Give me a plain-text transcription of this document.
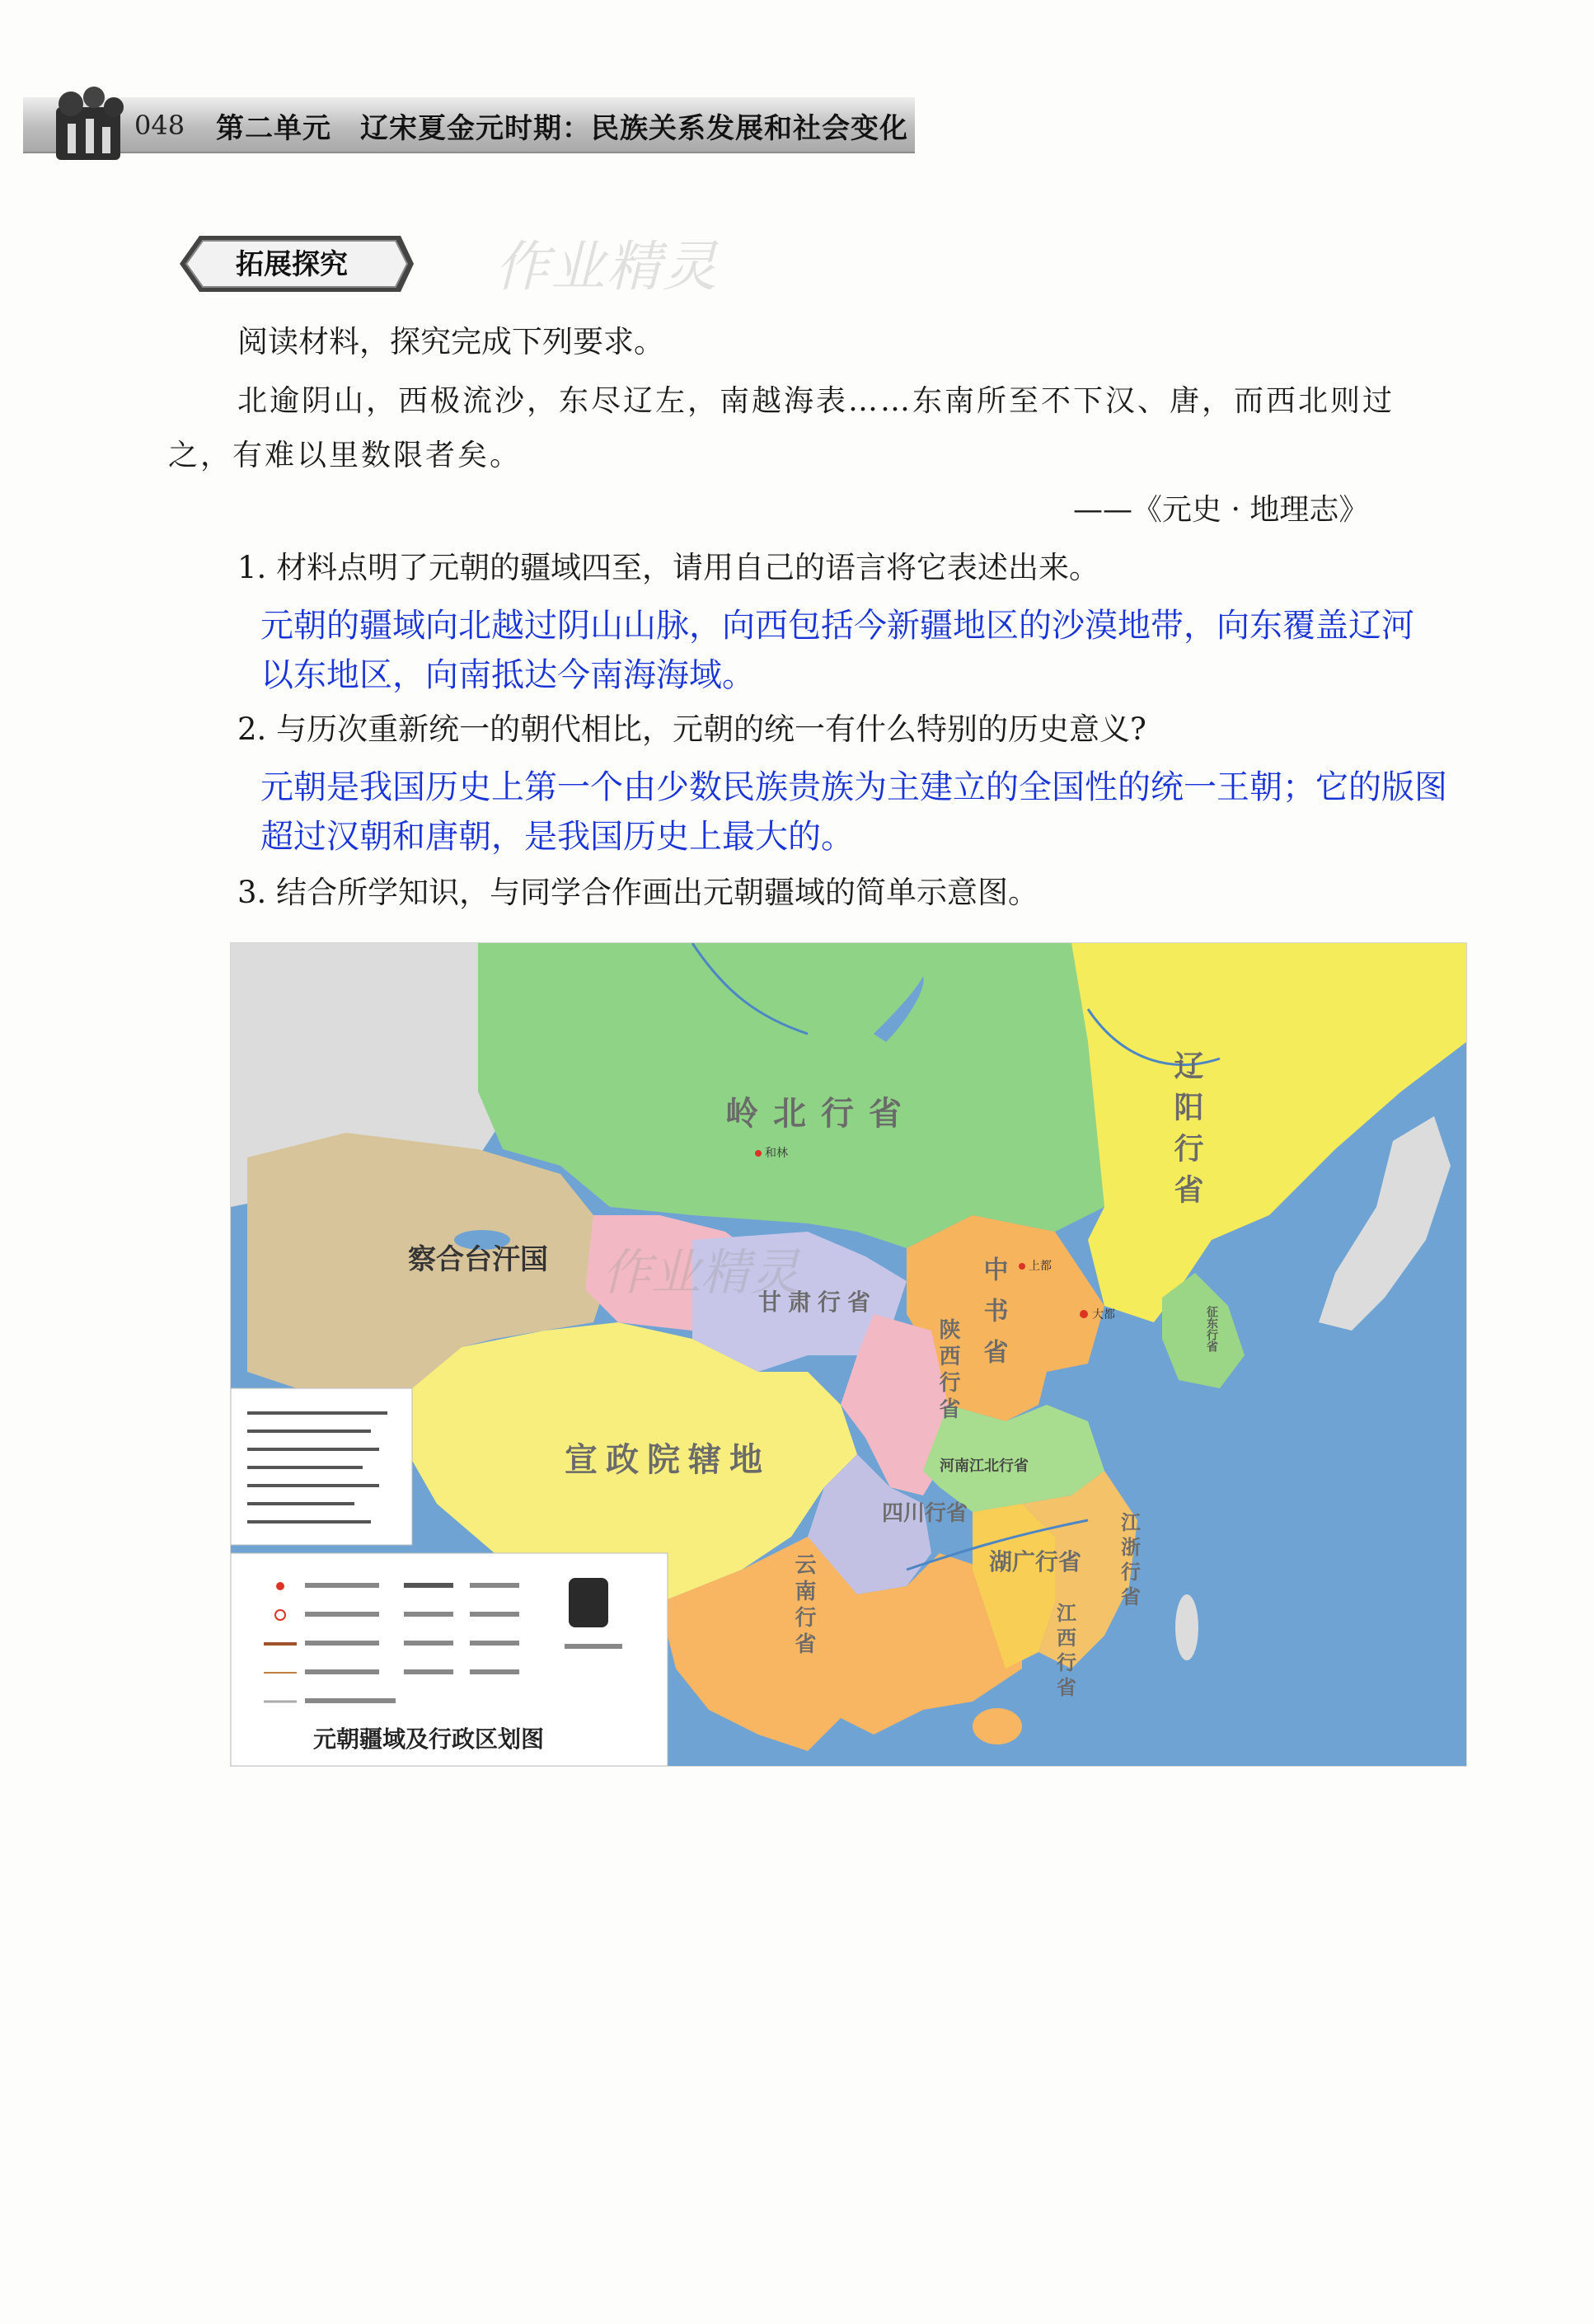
048 第二单元　辽宋夏金元时期：民族关系发展和社会变化
拓展探究	作业精灵
阅读材料，探究完成下列要求。
北逾阴山，西极流沙，东尽辽左，南越海表……东南所至不下汉、唐，而西北则过
之，有难以里数限者矣。
——《元史 · 地理志》
1. 材料点明了元朝的疆域四至，请用自己的语言将它表述出来。
元朝的疆域向北越过阴山山脉，向西包括今新疆地区的沙漠地带，向东覆盖辽河
以东地区，向南抵达今南海海域。
2. 与历次重新统一的朝代相比，元朝的统一有什么特别的历史意义?
元朝是我国历史上第一个由少数民族贵族为主建立的全国性的统一王朝；它的版图
超过汉朝和唐朝，是我国历史上最大的。
3. 结合所学知识，与同学合作画出元朝疆域的简单示意图。
元朝疆域及行政区划图
岭北行省
察合台汗国
宣政院辖地
甘肃行省
湖广行省
河南江北行省
四川行省
辽阳行省
中书省
陕西行省
云南行省	江西行省
江浙行省
征东行省
大都
上都
和林
作业精灵
